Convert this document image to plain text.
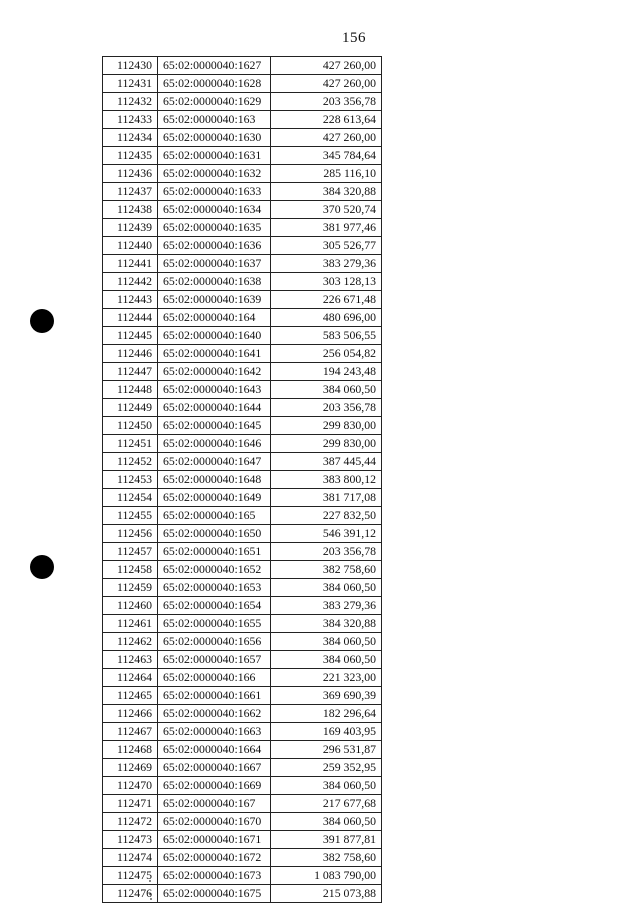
156
112430	65:02:0000040:1627	427 260,00
112431	65:02:0000040:1628	427 260,00
112432	65:02:0000040:1629	203 356,78
112433	65:02:0000040:163	228 613,64
112434	65:02:0000040:1630	427 260,00
112435	65:02:0000040:1631	345 784,64
112436	65:02:0000040:1632	285 116,10
112437	65:02:0000040:1633	384 320,88
112438	65:02:0000040:1634	370 520,74
112439	65:02:0000040:1635	381 977,46
112440	65:02:0000040:1636	305 526,77
112441	65:02:0000040:1637	383 279,36
112442	65:02:0000040:1638	303 128,13
112443	65:02:0000040:1639	226 671,48
112444	65:02:0000040:164	480 696,00
112445	65:02:0000040:1640	583 506,55
112446	65:02:0000040:1641	256 054,82
112447	65:02:0000040:1642	194 243,48
112448	65:02:0000040:1643	384 060,50
112449	65:02:0000040:1644	203 356,78
112450	65:02:0000040:1645	299 830,00
112451	65:02:0000040:1646	299 830,00
112452	65:02:0000040:1647	387 445,44
112453	65:02:0000040:1648	383 800,12
112454	65:02:0000040:1649	381 717,08
112455	65:02:0000040:165	227 832,50
112456	65:02:0000040:1650	546 391,12
112457	65:02:0000040:1651	203 356,78
112458	65:02:0000040:1652	382 758,60
112459	65:02:0000040:1653	384 060,50
112460	65:02:0000040:1654	383 279,36
112461	65:02:0000040:1655	384 320,88
112462	65:02:0000040:1656	384 060,50
112463	65:02:0000040:1657	384 060,50
112464	65:02:0000040:166	221 323,00
112465	65:02:0000040:1661	369 690,39
112466	65:02:0000040:1662	182 296,64
112467	65:02:0000040:1663	169 403,95
112468	65:02:0000040:1664	296 531,87
112469	65:02:0000040:1667	259 352,95
112470	65:02:0000040:1669	384 060,50
112471	65:02:0000040:167	217 677,68
112472	65:02:0000040:1670	384 060,50
112473	65:02:0000040:1671	391 877,81
112474	65:02:0000040:1672	382 758,60
112475	65:02:0000040:1673	1 083 790,00
112476	65:02:0000040:1675	215 073,88
